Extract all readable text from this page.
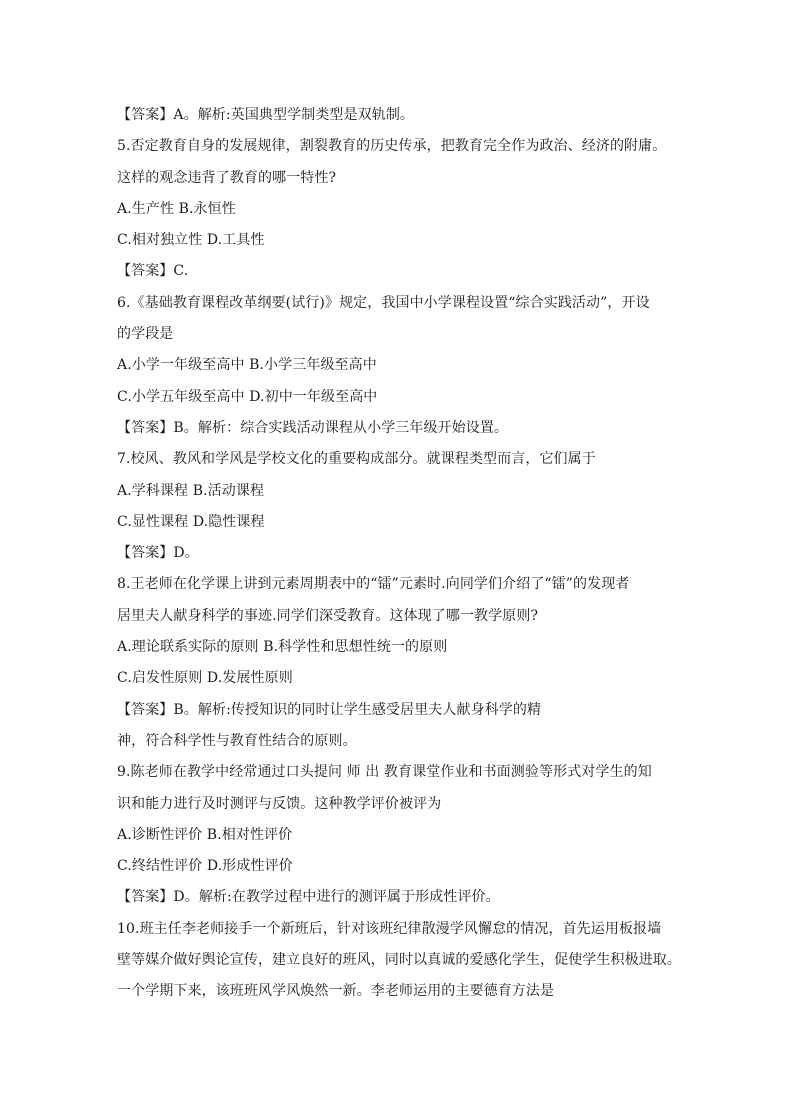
【答案】A。解析:英国典型学制类型是双轨制。
5.否定教育自身的发展规律，割裂教育的历史传承，把教育完全作为政治、经济的附庸。
这样的观念违背了教育的哪一特性?
A.生产性 B.永恒性
C.相对独立性 D.工具性
【答案】C.
6.《基础教育课程改革纲要(试行)》规定，我国中小学课程设置“综合实践活动”，开设
的学段是
A.小学一年级至高中 B.小学三年级至高中
C.小学五年级至高中 D.初中一年级至高中
【答案】B。解析：综合实践活动课程从小学三年级开始设置。
7.校风、教风和学风是学校文化的重要构成部分。就课程类型而言，它们属于
A.学科课程 B.活动课程
C.显性课程 D.隐性课程
【答案】D。
8.王老师在化学课上讲到元素周期表中的“镭”元素时.向同学们介绍了“镭”的发现者
居里夫人献身科学的事迹.同学们深受教育。这体现了哪一教学原则?
A.理论联系实际的原则 B.科学性和思想性统一的原则
C.启发性原则 D.发展性原则
【答案】B。解析:传授知识的同时让学生感受居里夫人献身科学的精
神，符合科学性与教育性结合的原则。
9.陈老师在教学中经常通过口头提问 师 出 教育课堂作业和书面测验等形式对学生的知
识和能力进行及时测评与反馈。这种教学评价被评为
A.诊断性评价 B.相对性评价
C.终结性评价 D.形成性评价
【答案】D。解析:在教学过程中进行的测评属于形成性评价。
10.班主任李老师接手一个新班后，针对该班纪律散漫学风懈怠的情况，首先运用板报墙
壁等媒介做好舆论宣传，建立良好的班风，同时以真诚的爱感化学生，促使学生积极进取。
一个学期下来，该班班风学风焕然一新。李老师运用的主要德育方法是
